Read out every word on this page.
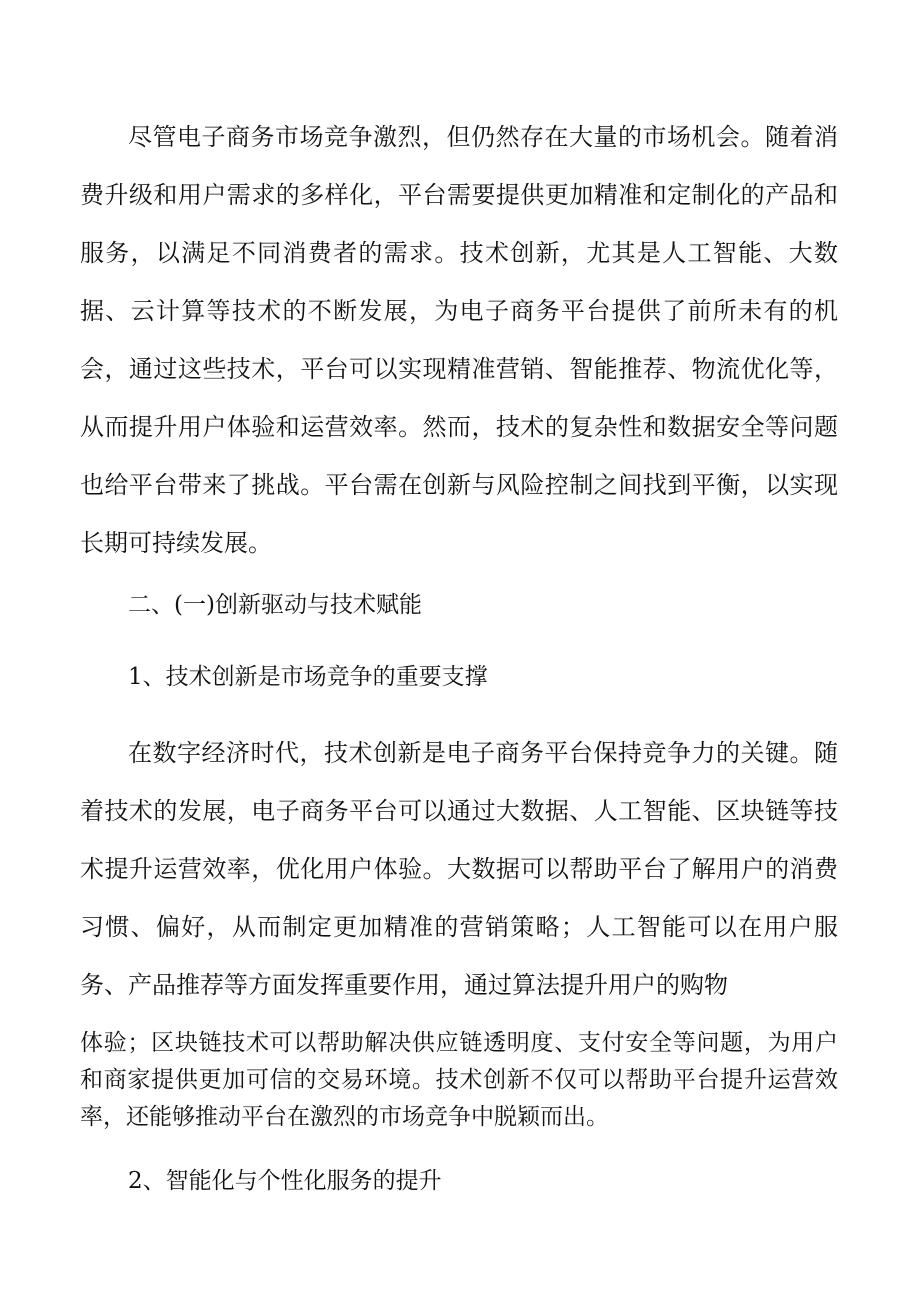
尽管电子商务市场竞争激烈，但仍然存在大量的市场机会。随着消费升级和用户需求的多样化，平台需要提供更加精准和定制化的产品和服务，以满足不同消费者的需求。技术创新，尤其是人工智能、大数据、云计算等技术的不断发展，为电子商务平台提供了前所未有的机会，通过这些技术，平台可以实现精准营销、智能推荐、物流优化等，从而提升用户体验和运营效率。然而，技术的复杂性和数据安全等问题也给平台带来了挑战。平台需在创新与风险控制之间找到平衡，以实现长期可持续发展。

二、(一)创新驱动与技术赋能

1、技术创新是市场竞争的重要支撑

在数字经济时代，技术创新是电子商务平台保持竞争力的关键。随着技术的发展，电子商务平台可以通过大数据、人工智能、区块链等技术提升运营效率，优化用户体验。大数据可以帮助平台了解用户的消费习惯、偏好，从而制定更加精准的营销策略；人工智能可以在用户服务、产品推荐等方面发挥重要作用，通过算法提升用户的购物

体验；区块链技术可以帮助解决供应链透明度、支付安全等问题，为用户和商家提供更加可信的交易环境。技术创新不仅可以帮助平台提升运营效率，还能够推动平台在激烈的市场竞争中脱颖而出。

2、智能化与个性化服务的提升
